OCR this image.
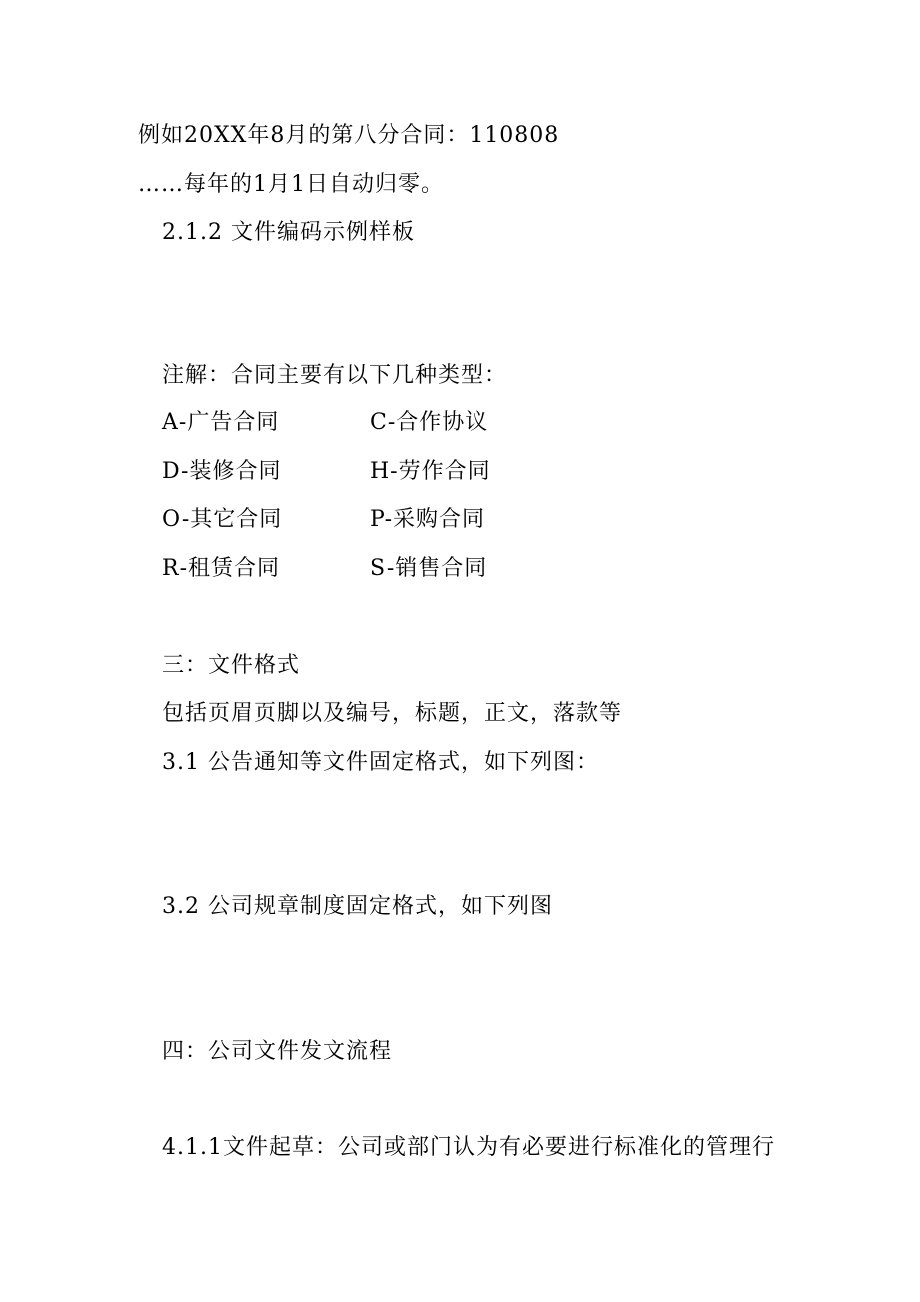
例如20XX年8月的第八分合同：110808
……每年的1月1日自动归零。
2.1.2 文件编码示例样板
注解：合同主要有以下几种类型：
A-广告合同	C-合作协议
D-装修合同	H-劳作合同
O-其它合同	P-采购合同
R-租赁合同	S-销售合同
三：文件格式
包括页眉页脚以及编号，标题，正文，落款等
3.1 公告通知等文件固定格式，如下列图：
3.2 公司规章制度固定格式，如下列图
四：公司文件发文流程
4.1.1文件起草：公司或部门认为有必要进行标准化的管理行
